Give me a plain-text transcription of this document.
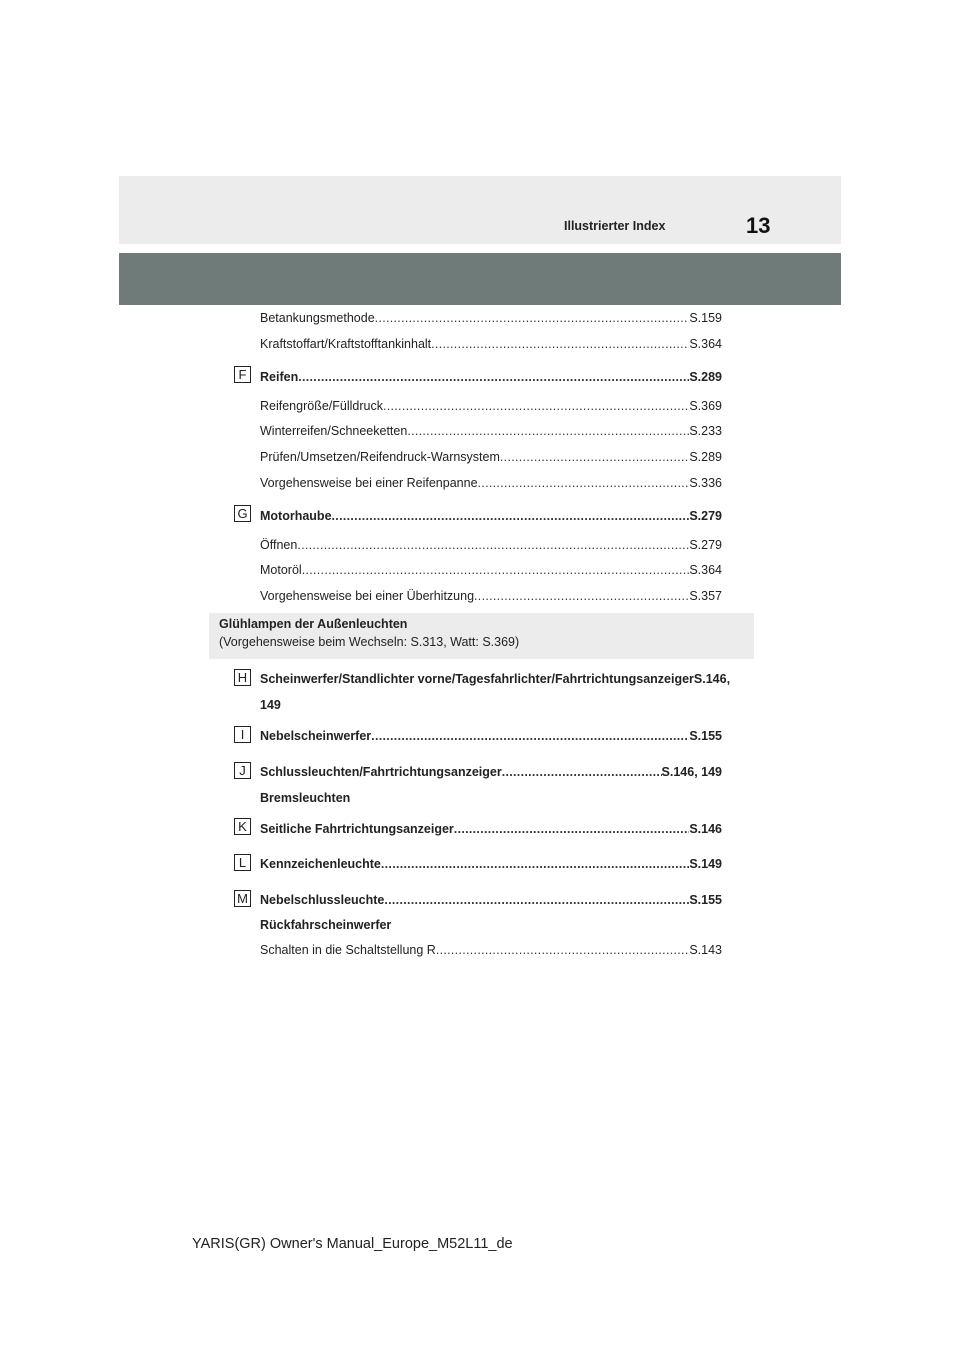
Illustrierter Index	13
Betankungsmethode .....	S.159
Kraftstoffart/Kraftstofftankinhalt .....	S.364
F	Reifen .....	S.289
Reifengröße/Fülldruck .....	S.369
Winterreifen/Schneeketten .....	S.233
Prüfen/Umsetzen/Reifendruck-Warnsystem .....	S.289
Vorgehensweise bei einer Reifenpanne .....	S.336
G Motorhaube .....	S.279
Öffnen .....	S.279
Motoröl .....	S.364
Vorgehensweise bei einer Überhitzung .....	S.357
Glühlampen der Außenleuchten
(Vorgehensweise beim Wechseln: S.313, Watt: S.369)
H	Scheinwerfer/Standlichter vorne/Tagesfahrlichter/FahrtrichtungsanzeigerS.146,
149
I	Nebelscheinwerfer .....	S.155
J	Schlussleuchten/Fahrtrichtungsanzeiger .....	S.146, 149
Bremsleuchten
K	Seitliche Fahrtrichtungsanzeiger .....	S.146
L	Kennzeichenleuchte .....	S.149
M Nebelschlussleuchte .....	S.155
Rückfahrscheinwerfer
Schalten in die Schaltstellung R .....	S.143
YARIS(GR) Owner's Manual_Europe_M52L11_de
